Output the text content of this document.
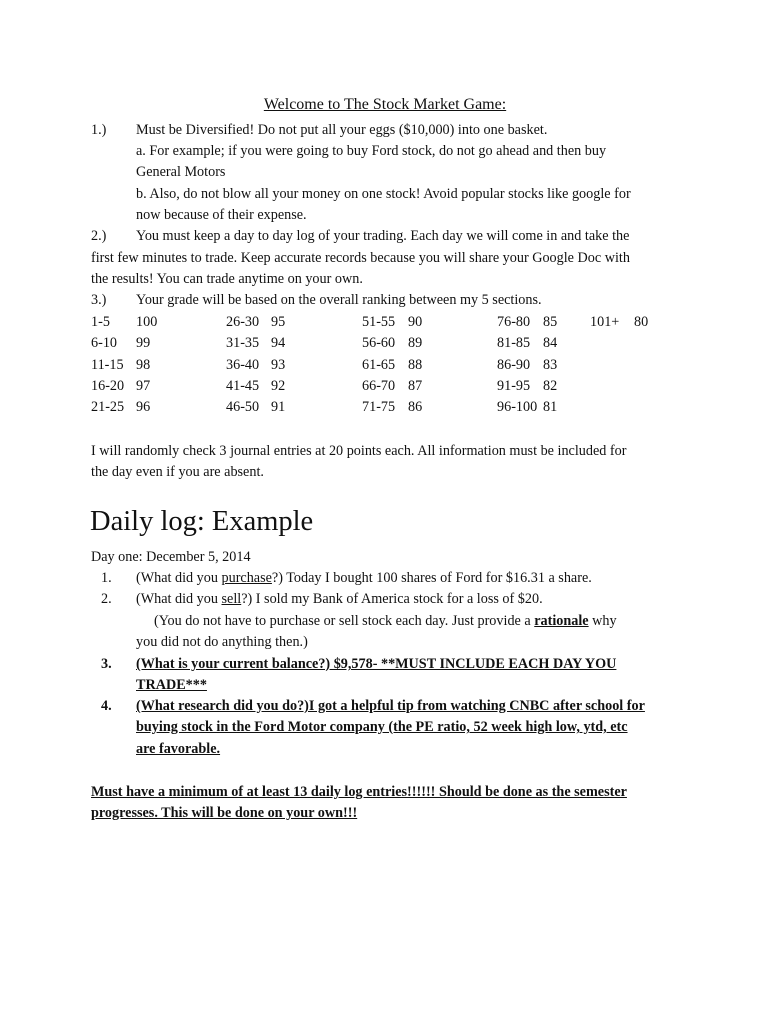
Welcome to The Stock Market Game:
1.) Must be Diversified! Do not put all your eggs ($10,000) into one basket.
a. For example; if you were going to buy Ford stock, do not go ahead and then buy
General Motors
b. Also, do not blow all your money on one stock! Avoid popular stocks like google for
now because of their expense.
2.) You must keep a day to day log of your trading. Each day we will come in and take the
first few minutes to trade. Keep accurate records because you will share your Google Doc with
the results! You can trade anytime on your own.
3.) Your grade will be based on the overall ranking between my 5 sections.
1-5 100	26-30 95	51-55 90	76-80 85 101+ 80
6-10 99	31-35 94	56-60 89	81-85 84
11-15 98	36-40 93	61-65 88	86-90 83
16-20 97	41-45 92	66-70 87	91-95 82
21-25 96	46-50 91	71-75 86	96-100 81
I will randomly check 3 journal entries at 20 points each. All information must be included for
the day even if you are absent.
Daily log: Example
Day one: December 5, 2014
1. (What did you purchase?) Today I bought 100 shares of Ford for $16.31 a share.
2. (What did you sell?) I sold my Bank of America stock for a loss of $20.
(You do not have to purchase or sell stock each day. Just provide a rationale why
you did not do anything then.)
3. (What is your current balance?) $9,578- **MUST INCLUDE EACH DAY YOU
TRADE***
4. (What research did you do?)I got a helpful tip from watching CNBC after school for
buying stock in the Ford Motor company (the PE ratio, 52 week high low, ytd, etc
are favorable.
Must have a minimum of at least 13 daily log entries!!!!!! Should be done as the semester
progresses. This will be done on your own!!!
